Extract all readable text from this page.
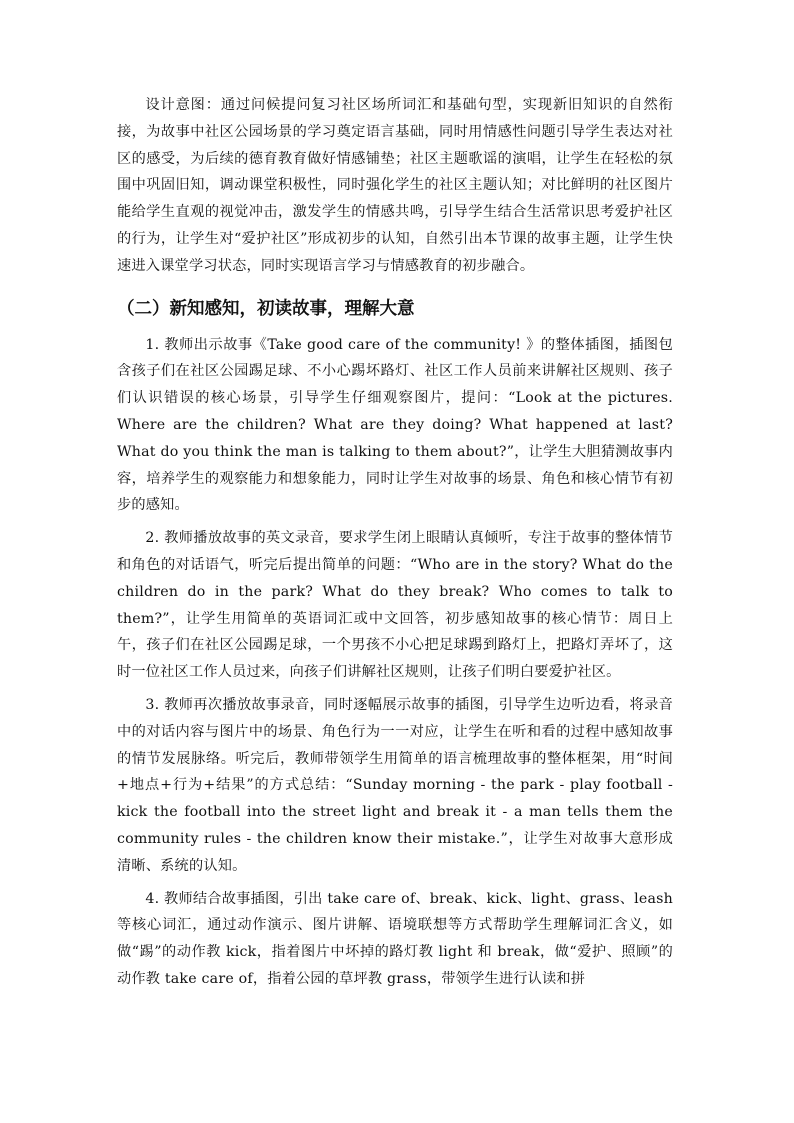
设计意图：通过问候提问复习社区场所词汇和基础句型，实现新旧知识的自然衔接，为故事中社区公园场景的学习奠定语言基础，同时用情感性问题引导学生表达对社区的感受，为后续的德育教育做好情感铺垫；社区主题歌谣的演唱，让学生在轻松的氛围中巩固旧知，调动课堂积极性，同时强化学生的社区主题认知；对比鲜明的社区图片能给学生直观的视觉冲击，激发学生的情感共鸣，引导学生结合生活常识思考爱护社区的行为，让学生对“爱护社区”形成初步的认知，自然引出本节课的故事主题，让学生快速进入课堂学习状态，同时实现语言学习与情感教育的初步融合。

（二）新知感知，初读故事，理解大意

1. 教师出示故事《Take good care of the community! 》的整体插图，插图包含孩子们在社区公园踢足球、不小心踢坏路灯、社区工作人员前来讲解社区规则、孩子们认识错误的核心场景，引导学生仔细观察图片，提问：“Look at the pictures. Where are the children? What are they doing? What happened at last? What do you think the man is talking to them about?”，让学生大胆猜测故事内容，培养学生的观察能力和想象能力，同时让学生对故事的场景、角色和核心情节有初步的感知。

2. 教师播放故事的英文录音，要求学生闭上眼睛认真倾听，专注于故事的整体情节和角色的对话语气，听完后提出简单的问题：“Who are in the story? What do the children do in the park? What do they break? Who comes to talk to them?”，让学生用简单的英语词汇或中文回答，初步感知故事的核心情节：周日上午，孩子们在社区公园踢足球，一个男孩不小心把足球踢到路灯上，把路灯弄坏了，这时一位社区工作人员过来，向孩子们讲解社区规则，让孩子们明白要爱护社区。

3. 教师再次播放故事录音，同时逐幅展示故事的插图，引导学生边听边看，将录音中的对话内容与图片中的场景、角色行为一一对应，让学生在听和看的过程中感知故事的情节发展脉络。听完后，教师带领学生用简单的语言梳理故事的整体框架，用“时间+地点+行为+结果”的方式总结：“Sunday morning - the park - play football - kick the football into the street light and break it - a man tells them the community rules - the children know their mistake.”，让学生对故事大意形成清晰、系统的认知。

4. 教师结合故事插图，引出 take care of、break、kick、light、grass、leash 等核心词汇，通过动作演示、图片讲解、语境联想等方式帮助学生理解词汇含义，如做“踢”的动作教 kick，指着图片中坏掉的路灯教 light 和 break，做“爱护、照顾”的动作教 take care of，指着公园的草坪教 grass，带领学生进行认读和拼
